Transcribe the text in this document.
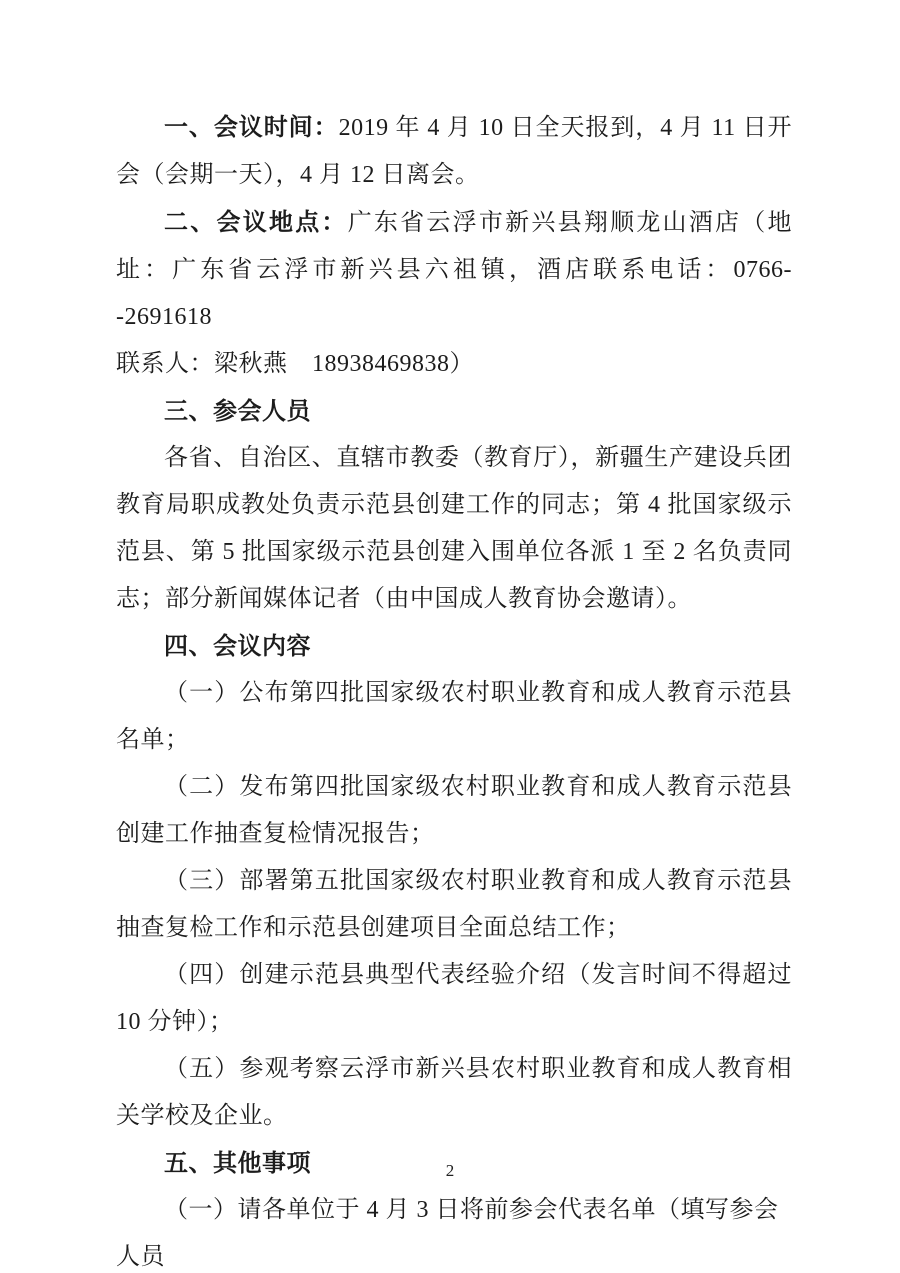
一、会议时间：2019 年 4 月 10 日全天报到，4 月 11 日开会（会期一天），4 月 12 日离会。

二、会议地点：广东省云浮市新兴县翔顺龙山酒店（地址：广东省云浮市新兴县六祖镇，酒店联系电话：0766--2691618
联系人：梁秋燕　18938469838）

三、参会人员

各省、自治区、直辖市教委（教育厅），新疆生产建设兵团教育局职成教处负责示范县创建工作的同志；第 4 批国家级示范县、第 5 批国家级示范县创建入围单位各派 1 至 2 名负责同志；部分新闻媒体记者（由中国成人教育协会邀请）。

四、会议内容

（一）公布第四批国家级农村职业教育和成人教育示范县名单；

（二）发布第四批国家级农村职业教育和成人教育示范县创建工作抽查复检情况报告；

（三）部署第五批国家级农村职业教育和成人教育示范县抽查复检工作和示范县创建项目全面总结工作；

（四）创建示范县典型代表经验介绍（发言时间不得超过 10 分钟）；

（五）参观考察云浮市新兴县农村职业教育和成人教育相关学校及企业。

五、其他事项

（一）请各单位于 4 月 3 日将前参会代表名单（填写参会人员

2
